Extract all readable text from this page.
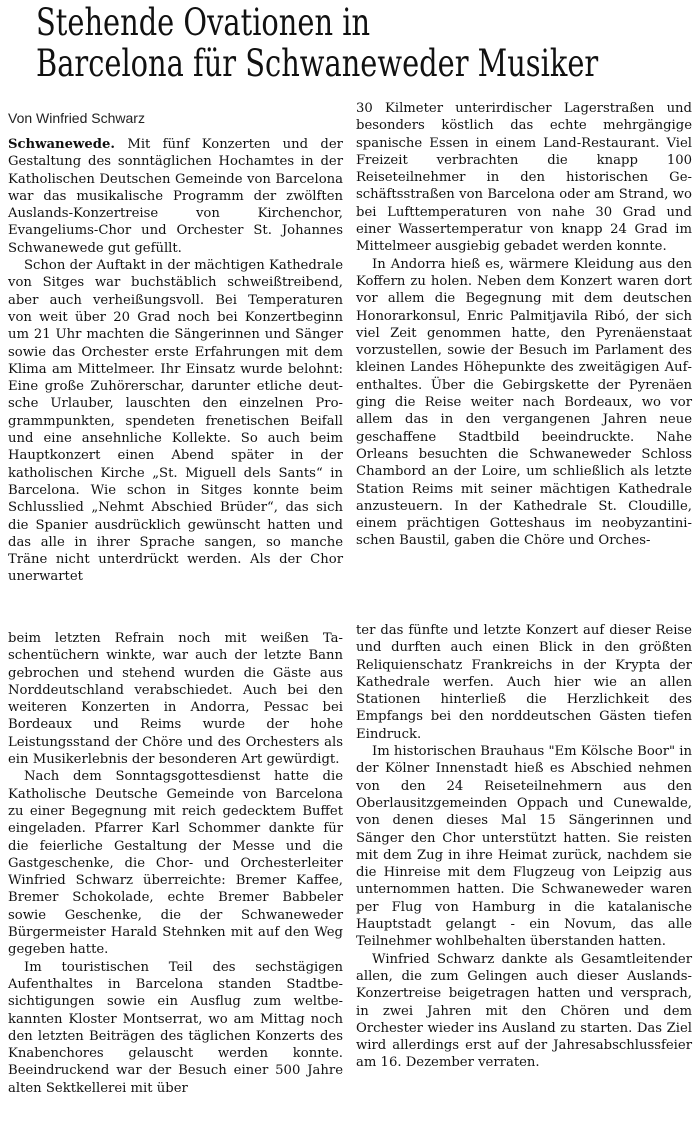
Stehende Ovationen in
Barcelona für Schwaneweder Musiker
Von Winfried Schwarz

Schwanewede. Mit fünf Konzerten und der Gestaltung des sonntäglichen Hochamtes in der Katholischen Deutschen Gemeinde von Barcelona war das musikalische Programm der zwölften Auslands-Konzertreise von Kirchenchor, Evangeliums-Chor und Orchester St. Johannes Schwanewede gut gefüllt.

Schon der Auftakt in der mächtigen Kathedrale von Sitges war buchstäblich schweißtreibend, aber auch verheißungsvoll. Bei Temperaturen von weit über 20 Grad noch bei Konzertbeginn um 21 Uhr machten die Sängerinnen und Sänger sowie das Orchester erste Erfahrungen mit dem Klima am Mittelmeer. Ihr Einsatz wurde belohnt: Eine große Zuhörerschar, darunter etliche deutsche Urlauber, lauschten den einzelnen Programmpunkten, spendeten frenetischen Beifall und eine ansehnliche Kollekte. So auch beim Hauptkonzert einen Abend später in der katholischen Kirche „St. Miguell dels Sants“ in Barcelona. Wie schon in Sitges konnte beim Schlusslied „Nehmt Abschied Brüder“, das sich die Spanier ausdrücklich gewünscht hatten und das alle in ihrer Sprache sangen, so manche Träne nicht unterdrückt werden. Als der Chor unerwartet

30 Kilmeter unterirdischer Lagerstraßen und besonders köstlich das echte mehrgängige spanische Essen in einem Land-Restaurant. Viel Freizeit verbrachten die knapp 100 Reiseteilnehmer in den historischen Geschäftsstraßen von Barcelona oder am Strand, wo bei Lufttemperaturen von nahe 30 Grad und einer Wassertemperatur von knapp 24 Grad im Mittelmeer ausgiebig gebadet werden konnte.

In Andorra hieß es, wärmere Kleidung aus den Koffern zu holen. Neben dem Konzert waren dort vor allem die Begegnung mit dem deutschen Honorarkonsul, Enric Palmitjavila Ribó, der sich viel Zeit genommen hatte, den Pyrenäenstaat vorzustellen, sowie der Besuch im Parlament des kleinen Landes Höhepunkte des zweitägigen Aufenthaltes. Über die Gebirgskette der Pyrenäen ging die Reise weiter nach Bordeaux, wo vor allem das in den vergangenen Jahren neue geschaffene Stadtbild beeindruckte. Nahe Orleans besuchten die Schwaneweder Schloss Chambord an der Loire, um schließlich als letzte Station Reims mit seiner mächtigen Kathedrale anzusteuern. In der Kathedrale St. Cloudille, einem prächtigen Gotteshaus im neobyzantinischen Baustil, gaben die Chöre und Orches-

beim letzten Refrain noch mit weißen Taschentüchern winkte, war auch der letzte Bann gebrochen und stehend wurden die Gäste aus Norddeutschland verabschiedet. Auch bei den weiteren Konzerten in Andorra, Pessac bei Bordeaux und Reims wurde der hohe Leistungsstand der Chöre und des Orchesters als ein Musikerlebnis der besonderen Art gewürdigt.

Nach dem Sonntagsgottesdienst hatte die Katholische Deutsche Gemeinde von Barcelona zu einer Begegnung mit reich gedecktem Buffet eingeladen. Pfarrer Karl Schommer dankte für die feierliche Gestaltung der Messe und die Gastgeschenke, die Chor- und Orchesterleiter Winfried Schwarz überreichte: Bremer Kaffee, Bremer Schokolade, echte Bremer Babbeler sowie Geschenke, die der Schwaneweder Bürgermeister Harald Stehnken mit auf den Weg gegeben hatte.

Im touristischen Teil des sechstägigen Aufenthaltes in Barcelona standen Stadtbesichtigungen sowie ein Ausflug zum weltbekannten Kloster Montserrat, wo am Mittag noch den letzten Beiträgen des täglichen Konzerts des Knabenchores gelauscht werden konnte. Beeindruckend war der Besuch einer 500 Jahre alten Sektkellerei mit über

ter das fünfte und letzte Konzert auf dieser Reise und durften auch einen Blick in den größten Reliquienschatz Frankreichs in der Krypta der Kathedrale werfen. Auch hier wie an allen Stationen hinterließ die Herzlichkeit des Empfangs bei den norddeutschen Gästen tiefen Eindruck.

Im historischen Brauhaus "Em Kölsche Boor" in der Kölner Innenstadt hieß es Abschied nehmen von den 24 Reiseteilnehmern aus den Oberlausitzgemeinden Oppach und Cunewalde, von denen dieses Mal 15 Sängerinnen und Sänger den Chor unterstützt hatten. Sie reisten mit dem Zug in ihre Heimat zurück, nachdem sie die Hinreise mit dem Flugzeug von Leipzig aus unternommen hatten. Die Schwaneweder waren per Flug von Hamburg in die katalanische Hauptstadt gelangt - ein Novum, das alle Teilnehmer wohlbehalten überstanden hatten.

Winfried Schwarz dankte als Gesamtleitender allen, die zum Gelingen auch dieser Auslands-Konzertreise beigetragen hatten und versprach, in zwei Jahren mit den Chören und dem Orchester wieder ins Ausland zu starten. Das Ziel wird allerdings erst auf der Jahresabschlussfeier am 16. Dezember verraten.
